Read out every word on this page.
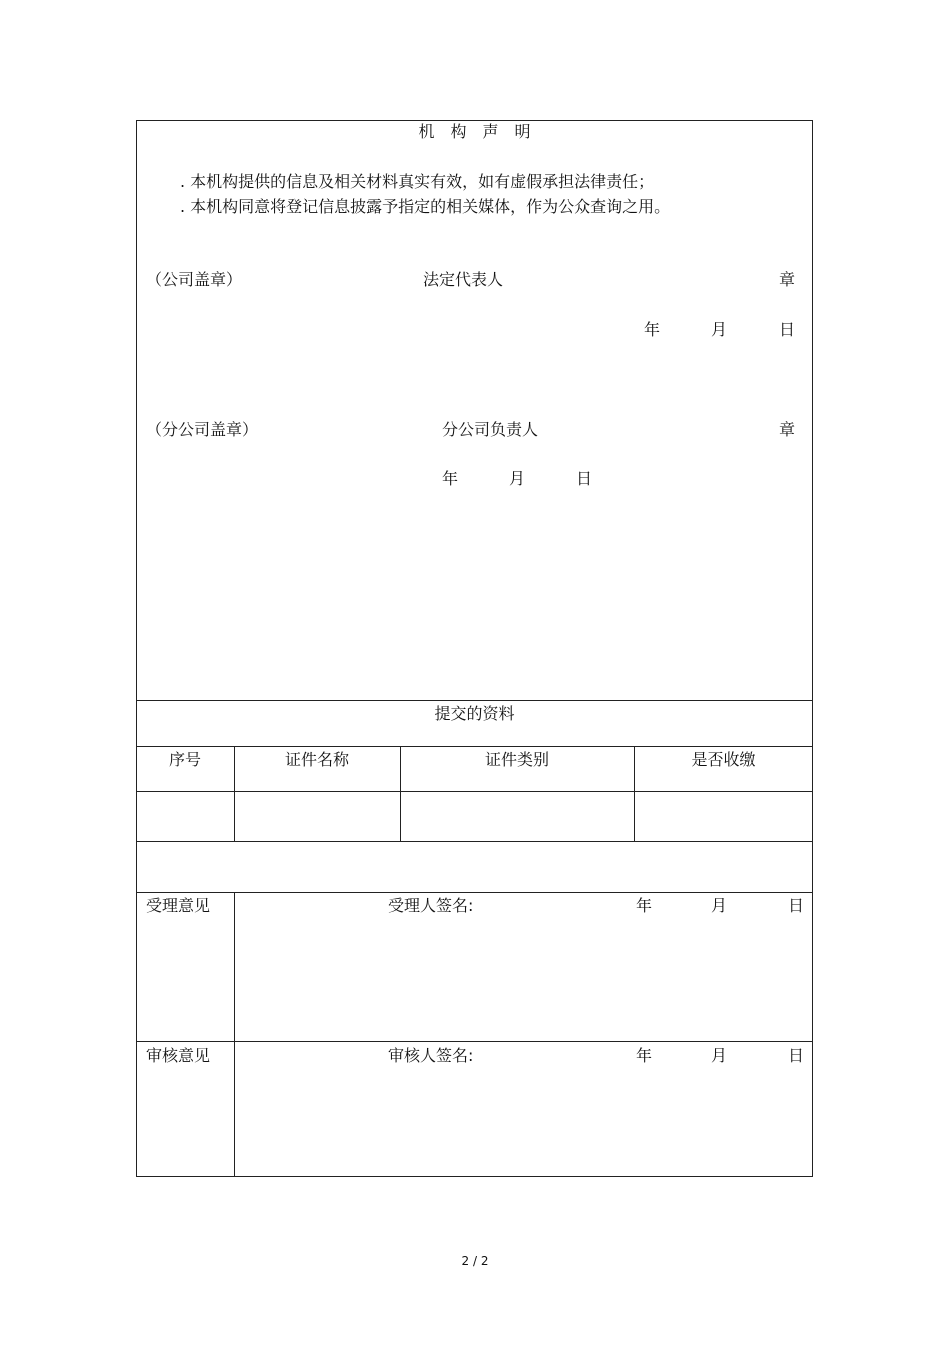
机　构　声　明
. 本机构提供的信息及相关材料真实有效，如有虚假承担法律责任；
. 本机构同意将登记信息披露予指定的相关媒体，作为公众查询之用。
（公司盖章）	法定代表人	章
年	月	日
（分公司盖章）	分公司负责人	章
年	月	日
提交的资料
序号	证件名称	证件类别	是否收缴
受理意见	受理人签名:	年	月	日
审核意见	审核人签名:	年	月	日
2 / 2
